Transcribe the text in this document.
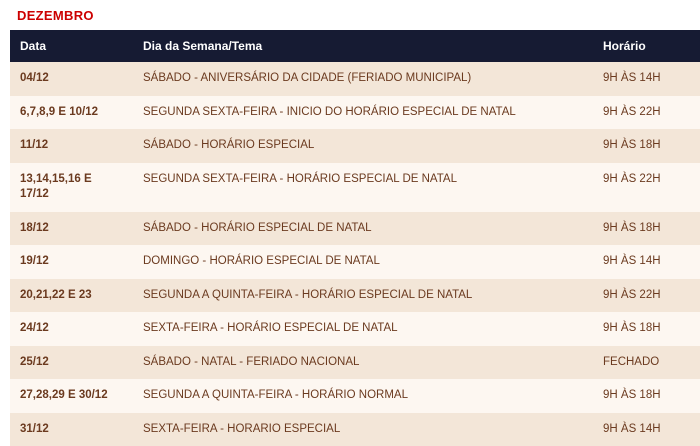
DEZEMBRO
Data	Dia da Semana/Tema	Horário
04/12	SÁBADO - ANIVERSÁRIO DA CIDADE (FERIADO MUNICIPAL)	9H ÀS 14H
6,7,8,9 E 10/12	SEGUNDA SEXTA-FEIRA - INICIO DO HORÁRIO ESPECIAL DE NATAL	9H ÀS 22H
11/12	SÁBADO - HORÁRIO ESPECIAL	9H ÀS 18H
13,14,15,16 E 17/12	SEGUNDA SEXTA-FEIRA - HORÁRIO ESPECIAL DE NATAL	9H ÀS 22H
18/12	SÁBADO - HORÁRIO ESPECIAL DE NATAL	9H ÀS 18H
19/12	DOMINGO - HORÁRIO ESPECIAL DE NATAL	9H ÀS 14H
20,21,22 E 23	SEGUNDA A QUINTA-FEIRA - HORÁRIO ESPECIAL DE NATAL	9H ÀS 22H
24/12	SEXTA-FEIRA - HORÁRIO ESPECIAL DE NATAL	9H ÀS 18H
25/12	SÁBADO - NATAL - FERIADO NACIONAL	FECHADO
27,28,29 E 30/12	SEGUNDA A QUINTA-FEIRA - HORÁRIO NORMAL	9H ÀS 18H
31/12	SEXTA-FEIRA - HORARIO ESPECIAL	9H ÀS 14H
